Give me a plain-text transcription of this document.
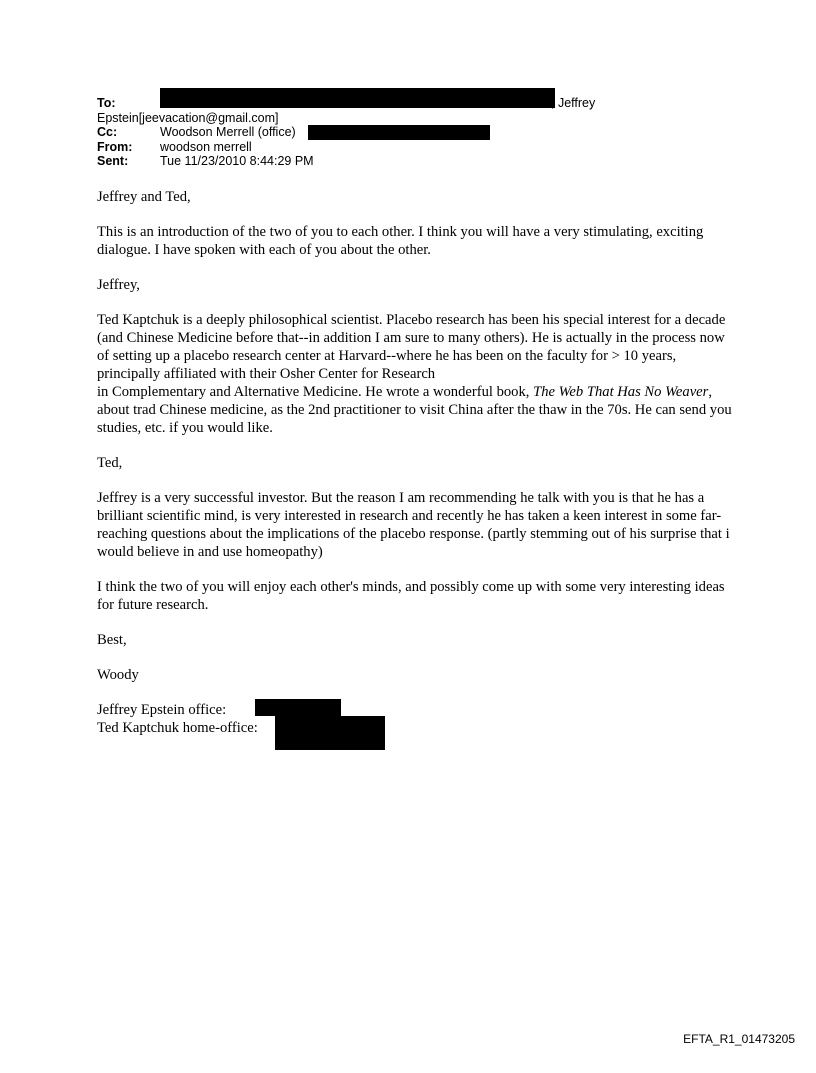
To:	, Jeffrey
Epstein[jeevacation@gmail.com]
Cc:	Woodson Merrell (office)
From: woodson merrell
Sent:	Tue 11/23/2010 8:44:29 PM

Jeffrey and Ted,

This is an introduction of the two of you to each other. I think you will have a very stimulating, exciting dialogue. I have spoken with each of you about the other.

Jeffrey,

Ted Kaptchuk is a deeply philosophical scientist. Placebo research has been his special interest for a decade (and Chinese Medicine before that--in addition I am sure to many others). He is actually in the process now of setting up a placebo research center at Harvard--where he has been on the faculty for > 10 years, principally affiliated with their Osher Center for Research
in Complementary and Alternative Medicine. He wrote a wonderful book, The Web That Has No Weaver, about trad Chinese medicine, as the 2nd practitioner to visit China after the thaw in the 70s. He can send you studies, etc. if you would like.

Ted,

Jeffrey is a very successful investor. But the reason I am recommending he talk with you is that he has a brilliant scientific mind, is very interested in research and recently he has taken a keen interest in some far-reaching questions about the implications of the placebo response. (partly stemming out of his surprise that i would believe in and use homeopathy)

I think the two of you will enjoy each other's minds, and possibly come up with some very interesting ideas for future research.

Best,

Woody

Jeffrey Epstein office:
Ted Kaptchuk home-office:
EFTA_R1_01473205
